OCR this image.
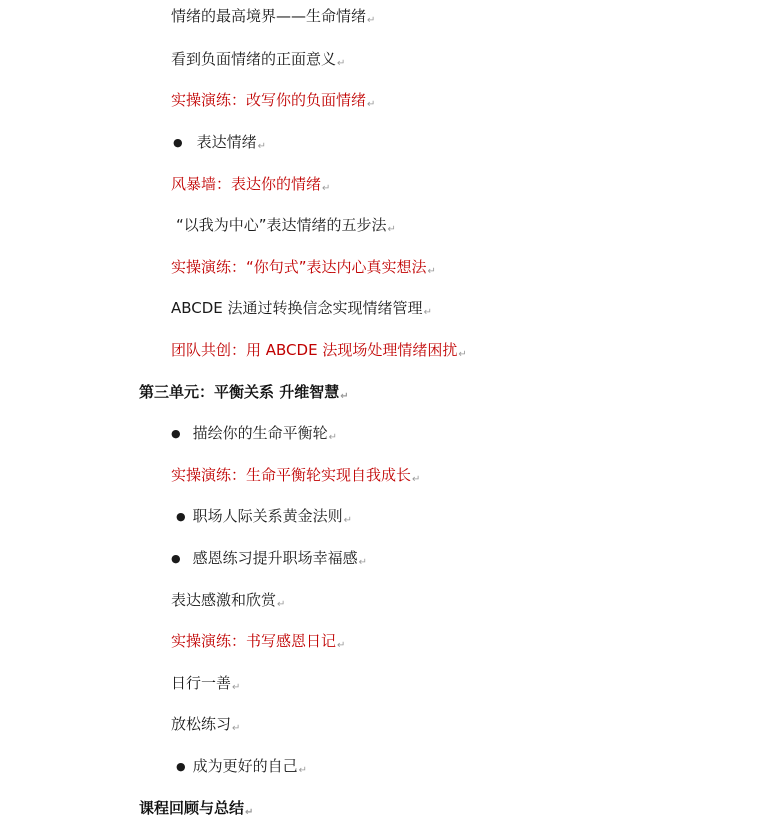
情绪的最高境界——生命情绪↵
看到负面情绪的正面意义↵
实操演练：改写你的负面情绪↵
● 表达情绪↵
风暴墙：表达你的情绪↵
“以我为中心”表达情绪的五步法↵
实操演练：“你句式”表达内心真实想法↵
ABCDE 法通过转换信念实现情绪管理↵
团队共创：用 ABCDE 法现场处理情绪困扰↵
第三单元：平衡关系 升维智慧↵
● 描绘你的生命平衡轮↵
实操演练：生命平衡轮实现自我成长↵
● 职场人际关系黄金法则↵
● 感恩练习提升职场幸福感↵
表达感激和欣赏↵
实操演练：书写感恩日记↵
日行一善↵
放松练习↵
● 成为更好的自己↵
课程回顾与总结↵
